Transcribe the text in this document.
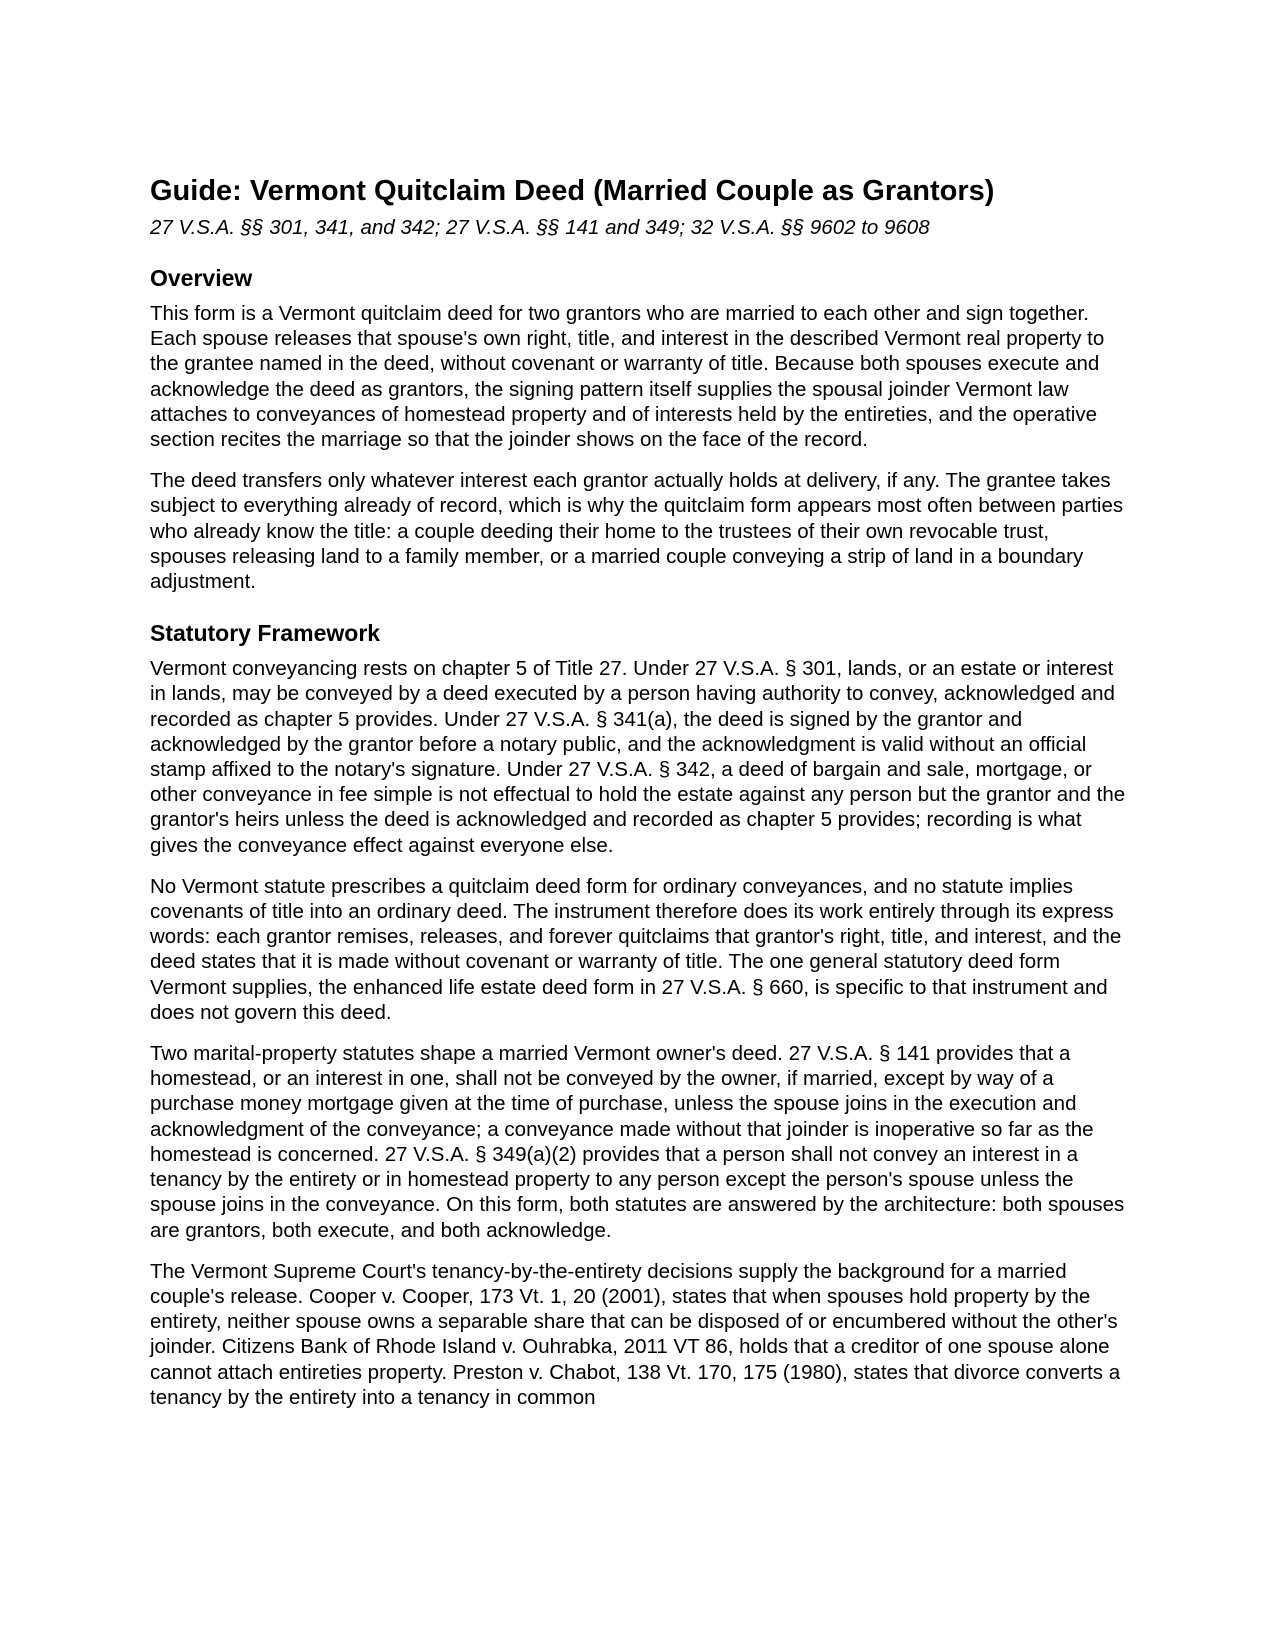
Guide: Vermont Quitclaim Deed (Married Couple as Grantors)
27 V.S.A. §§ 301, 341, and 342; 27 V.S.A. §§ 141 and 349; 32 V.S.A. §§ 9602 to 9608
Overview

This form is a Vermont quitclaim deed for two grantors who are married to each other and sign together. Each spouse releases that spouse's own right, title, and interest in the described Vermont real property to the grantee named in the deed, without covenant or warranty of title. Because both spouses execute and acknowledge the deed as grantors, the signing pattern itself supplies the spousal joinder Vermont law attaches to conveyances of homestead property and of interests held by the entireties, and the operative section recites the marriage so that the joinder shows on the face of the record.

The deed transfers only whatever interest each grantor actually holds at delivery, if any. The grantee takes subject to everything already of record, which is why the quitclaim form appears most often between parties who already know the title: a couple deeding their home to the trustees of their own revocable trust, spouses releasing land to a family member, or a married couple conveying a strip of land in a boundary adjustment.

Statutory Framework

Vermont conveyancing rests on chapter 5 of Title 27. Under 27 V.S.A. § 301, lands, or an estate or interest in lands, may be conveyed by a deed executed by a person having authority to convey, acknowledged and recorded as chapter 5 provides. Under 27 V.S.A. § 341(a), the deed is signed by the grantor and acknowledged by the grantor before a notary public, and the acknowledgment is valid without an official stamp affixed to the notary's signature. Under 27 V.S.A. § 342, a deed of bargain and sale, mortgage, or other conveyance in fee simple is not effectual to hold the estate against any person but the grantor and the grantor's heirs unless the deed is acknowledged and recorded as chapter 5 provides; recording is what gives the conveyance effect against everyone else.

No Vermont statute prescribes a quitclaim deed form for ordinary conveyances, and no statute implies covenants of title into an ordinary deed. The instrument therefore does its work entirely through its express words: each grantor remises, releases, and forever quitclaims that grantor's right, title, and interest, and the deed states that it is made without covenant or warranty of title. The one general statutory deed form Vermont supplies, the enhanced life estate deed form in 27 V.S.A. § 660, is specific to that instrument and does not govern this deed.

Two marital-property statutes shape a married Vermont owner's deed. 27 V.S.A. § 141 provides that a homestead, or an interest in one, shall not be conveyed by the owner, if married, except by way of a purchase money mortgage given at the time of purchase, unless the spouse joins in the execution and acknowledgment of the conveyance; a conveyance made without that joinder is inoperative so far as the homestead is concerned. 27 V.S.A. § 349(a)(2) provides that a person shall not convey an interest in a tenancy by the entirety or in homestead property to any person except the person's spouse unless the spouse joins in the conveyance. On this form, both statutes are answered by the architecture: both spouses are grantors, both execute, and both acknowledge.

The Vermont Supreme Court's tenancy-by-the-entirety decisions supply the background for a married couple's release. Cooper v. Cooper, 173 Vt. 1, 20 (2001), states that when spouses hold property by the entirety, neither spouse owns a separable share that can be disposed of or encumbered without the other's joinder. Citizens Bank of Rhode Island v. Ouhrabka, 2011 VT 86, holds that a creditor of one spouse alone cannot attach entireties property. Preston v. Chabot, 138 Vt. 170, 175 (1980), states that divorce converts a tenancy by the entirety into a tenancy in common
